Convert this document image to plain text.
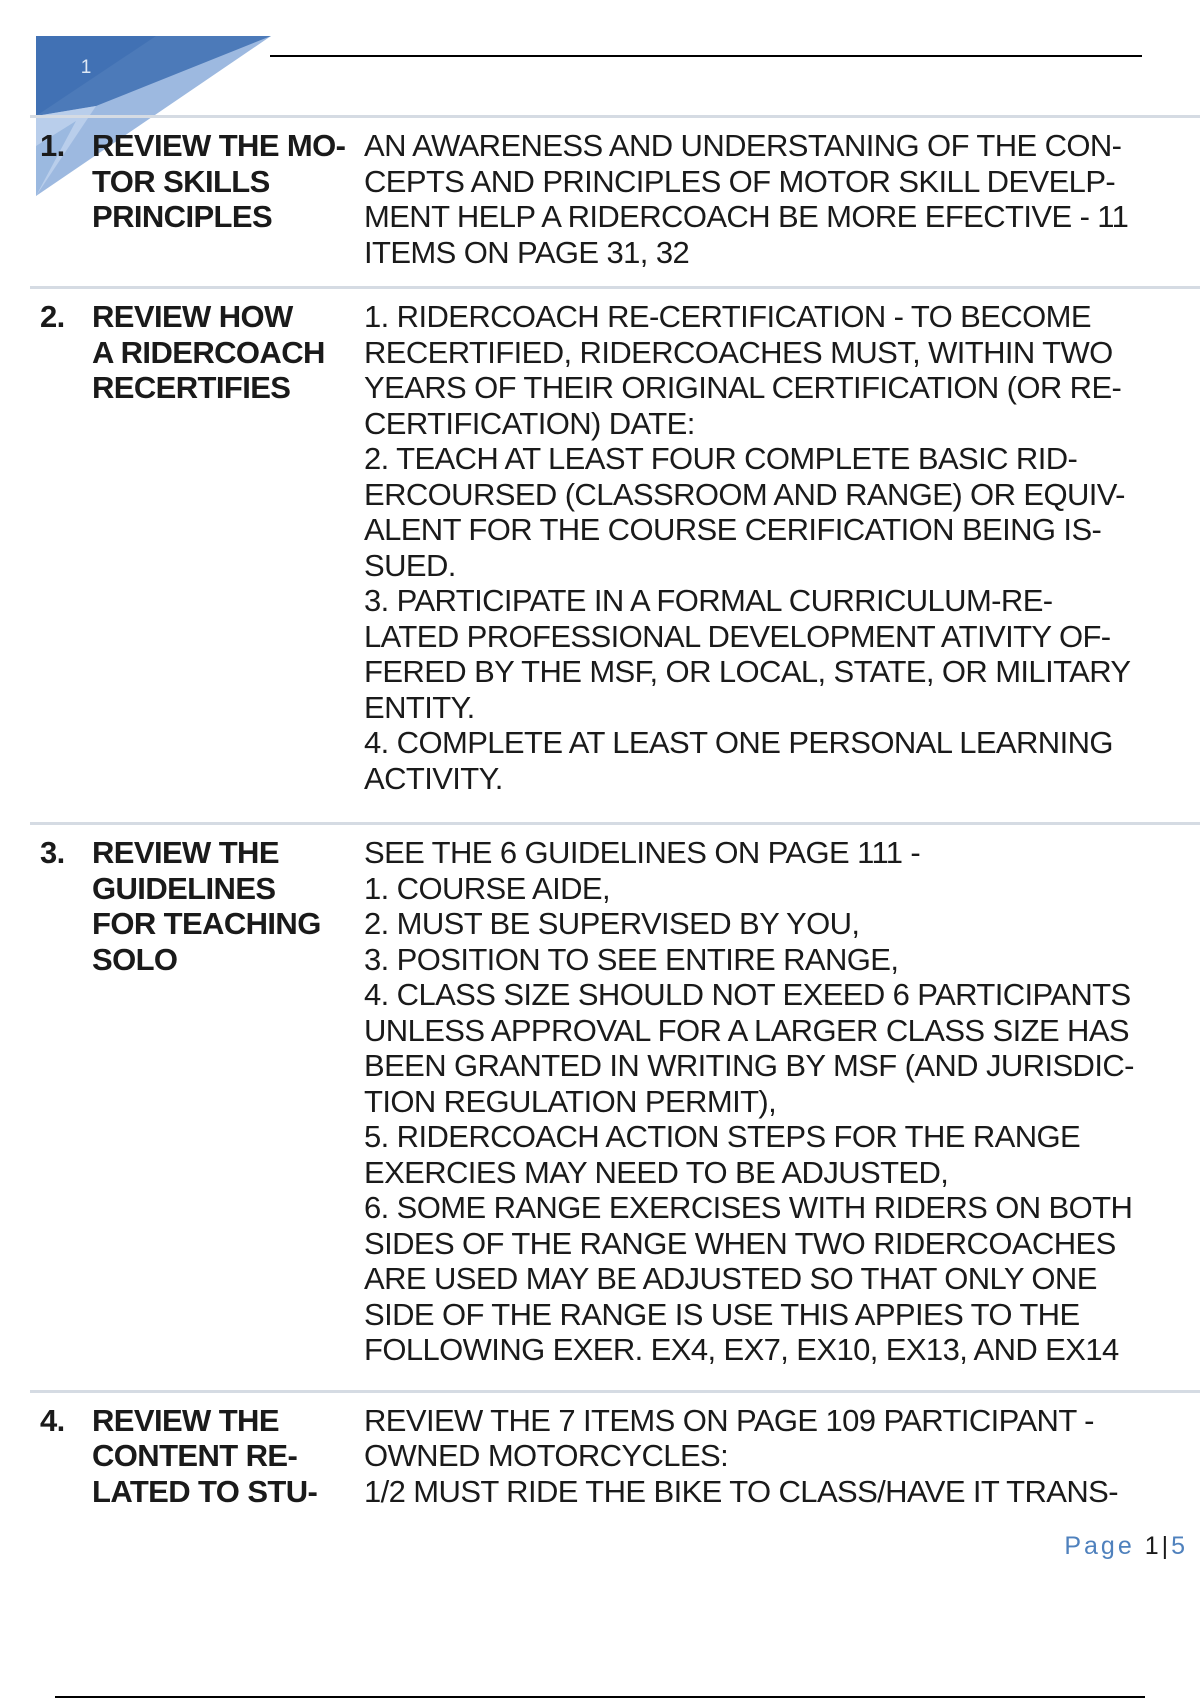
1
1. REVIEW THE MO-
TOR SKILLS
PRINCIPLES
AN AWARENESS AND UNDERSTANING OF THE CON-
CEPTS AND PRINCIPLES OF MOTOR SKILL DEVELP-
MENT HELP A RIDERCOACH BE MORE EFECTIVE - 11
ITEMS ON PAGE 31, 32
2. REVIEW HOW
A RIDERCOACH
RECERTIFIES
1. RIDERCOACH RE-CERTIFICATION - TO BECOME
RECERTIFIED, RIDERCOACHES MUST, WITHIN TWO
YEARS OF THEIR ORIGINAL CERTIFICATION (OR RE-
CERTIFICATION) DATE:
2. TEACH AT LEAST FOUR COMPLETE BASIC RID-
ERCOURSED (CLASSROOM AND RANGE) OR EQUIV-
ALENT FOR THE COURSE CERIFICATION BEING IS-
SUED.
3. PARTICIPATE IN A FORMAL CURRICULUM-RE-
LATED PROFESSIONAL DEVELOPMENT ATIVITY OF-
FERED BY THE MSF, OR LOCAL, STATE, OR MILITARY
ENTITY.
4. COMPLETE AT LEAST ONE PERSONAL LEARNING
ACTIVITY.
3. REVIEW THE
GUIDELINES
FOR TEACHING
SOLO
SEE THE 6 GUIDELINES ON PAGE 111 -
1. COURSE AIDE,
2. MUST BE SUPERVISED BY YOU,
3. POSITION TO SEE ENTIRE RANGE,
4. CLASS SIZE SHOULD NOT EXEED 6 PARTICIPANTS
UNLESS APPROVAL FOR A LARGER CLASS SIZE HAS
BEEN GRANTED IN WRITING BY MSF (AND JURISDIC-
TION REGULATION PERMIT),
5. RIDERCOACH ACTION STEPS FOR THE RANGE
EXERCIES MAY NEED TO BE ADJUSTED,
6. SOME RANGE EXERCISES WITH RIDERS ON BOTH
SIDES OF THE RANGE WHEN TWO RIDERCOACHES
ARE USED MAY BE ADJUSTED SO THAT ONLY ONE
SIDE OF THE RANGE IS USE THIS APPIES TO THE
FOLLOWING EXER. EX4, EX7, EX10, EX13, AND EX14
4. REVIEW THE
CONTENT RE-
LATED TO STU-
REVIEW THE 7 ITEMS ON PAGE 109 PARTICIPANT -
OWNED MOTORCYCLES:
1/2 MUST RIDE THE BIKE TO CLASS/HAVE IT TRANS-
Page 1|5
